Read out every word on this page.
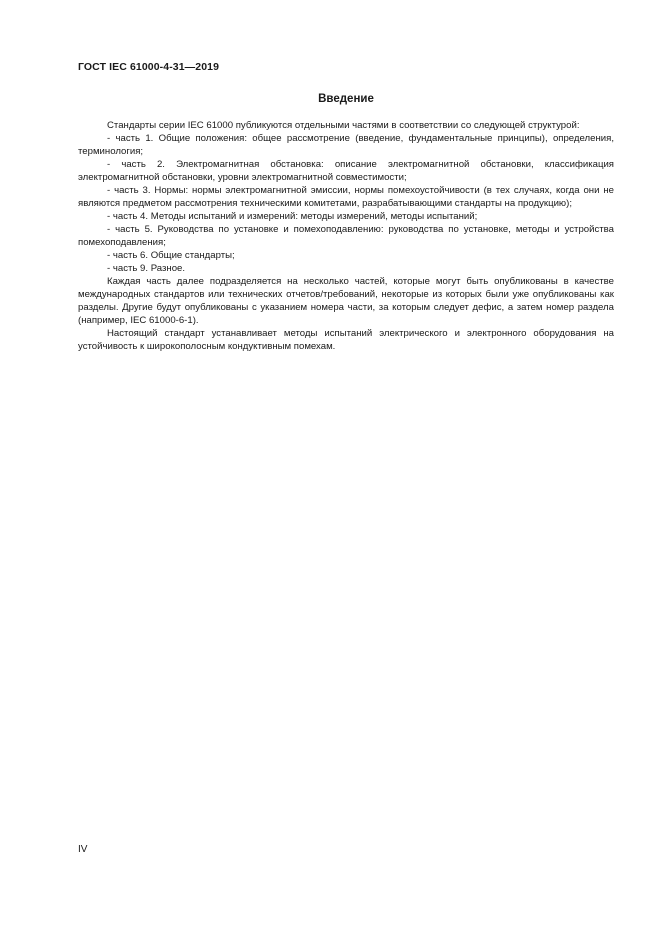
ГОСТ IEC 61000-4-31—2019
Введение

Стандарты серии IEC 61000 публикуются отдельными частями в соответствии со следующей структурой:

- часть 1. Общие положения: общее рассмотрение (введение, фундаментальные принципы), определения, терминология;

- часть 2. Электромагнитная обстановка: описание электромагнитной обстановки, классификация электромагнитной обстановки, уровни электромагнитной совместимости;

- часть 3. Нормы: нормы электромагнитной эмиссии, нормы помехоустойчивости (в тех случаях, когда они не являются предметом рассмотрения техническими комитетами, разрабатывающими стандарты на продукцию);

- часть 4. Методы испытаний и измерений: методы измерений, методы испытаний;

- часть 5. Руководства по установке и помехоподавлению: руководства по установке, методы и устройства помехоподавления;

- часть 6. Общие стандарты;

- часть 9. Разное.

Каждая часть далее подразделяется на несколько частей, которые могут быть опубликованы в качестве международных стандартов или технических отчетов/требований, некоторые из которых были уже опубликованы как разделы. Другие будут опубликованы с указанием номера части, за которым следует дефис, а затем номер раздела (например, IEC 61000-6-1).

Настоящий стандарт устанавливает методы испытаний электрического и электронного оборудования на устойчивость к широкополосным кондуктивным помехам.

IV
